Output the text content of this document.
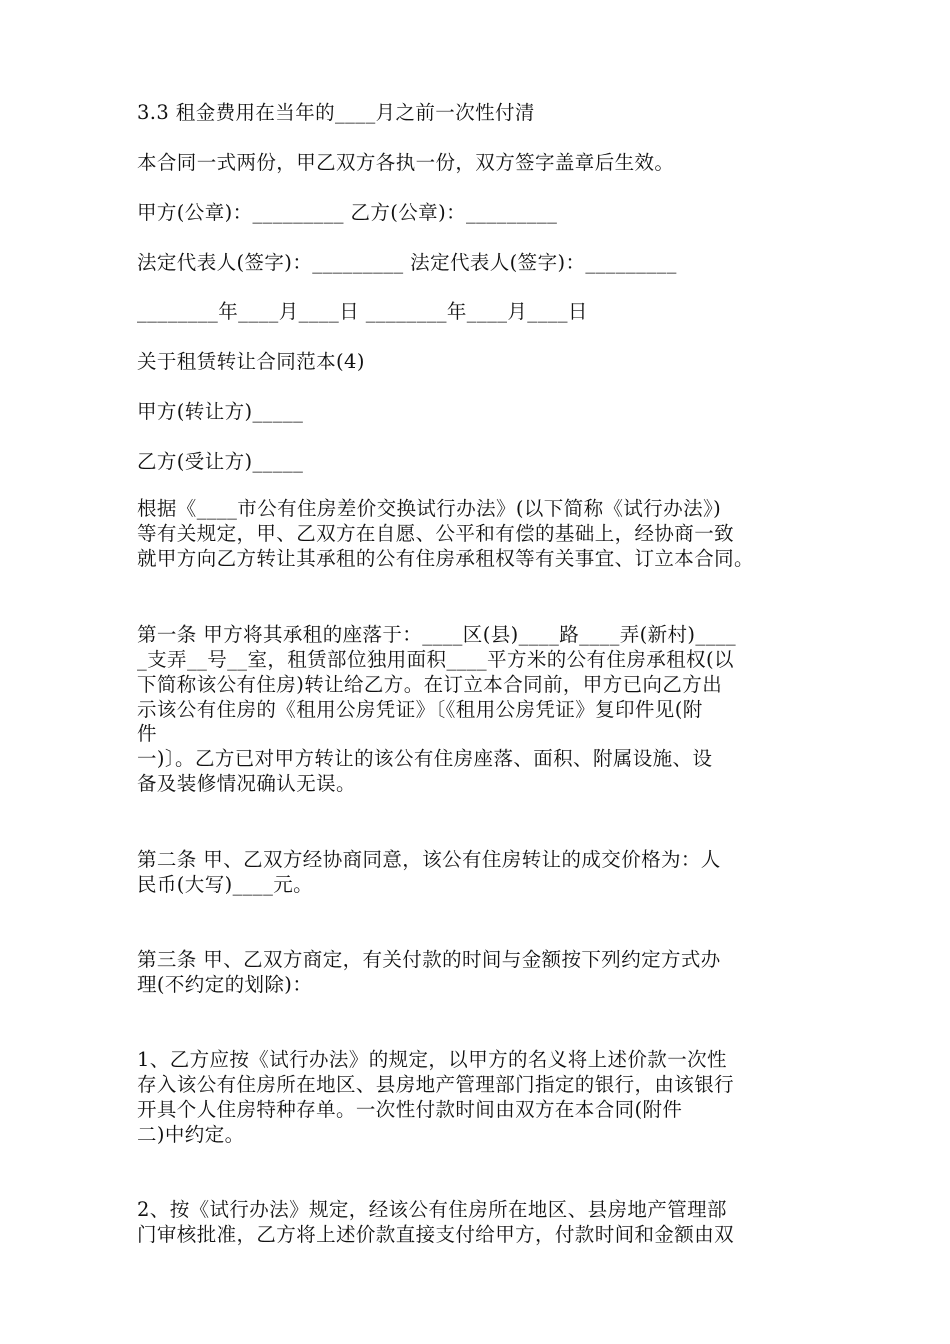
3.3 租金费用在当年的____月之前一次性付清
本合同一式两份，甲乙双方各执一份，双方签字盖章后生效。
甲方(公章)：_________ 乙方(公章)：_________
法定代表人(签字)：_________ 法定代表人(签字)：_________
________年____月____日 ________年____月____日
关于租赁转让合同范本(4)
甲方(转让方)_____
乙方(受让方)_____
根据《____市公有住房差价交换试行办法》(以下简称《试行办法》)
等有关规定，甲、乙双方在自愿、公平和有偿的基础上，经协商一致
就甲方向乙方转让其承租的公有住房承租权等有关事宜、订立本合同。
第一条 甲方将其承租的座落于：____区(县)____路____弄(新村)____
_支弄__号__室，租赁部位独用面积____平方米的公有住房承租权(以
下简称该公有住房)转让给乙方。在订立本合同前，甲方已向乙方出
示该公有住房的《租用公房凭证》〔《租用公房凭证》复印件见(附
件
一)〕。乙方已对甲方转让的该公有住房座落、面积、附属设施、设
备及装修情况确认无误。
第二条 甲、乙双方经协商同意，该公有住房转让的成交价格为：人
民币(大写)____元。
第三条 甲、乙双方商定，有关付款的时间与金额按下列约定方式办
理(不约定的划除)：
1、乙方应按《试行办法》的规定，以甲方的名义将上述价款一次性
存入该公有住房所在地区、县房地产管理部门指定的银行，由该银行
开具个人住房特种存单。一次性付款时间由双方在本合同(附件
二)中约定。
2、按《试行办法》规定，经该公有住房所在地区、县房地产管理部
门审核批准，乙方将上述价款直接支付给甲方，付款时间和金额由双
